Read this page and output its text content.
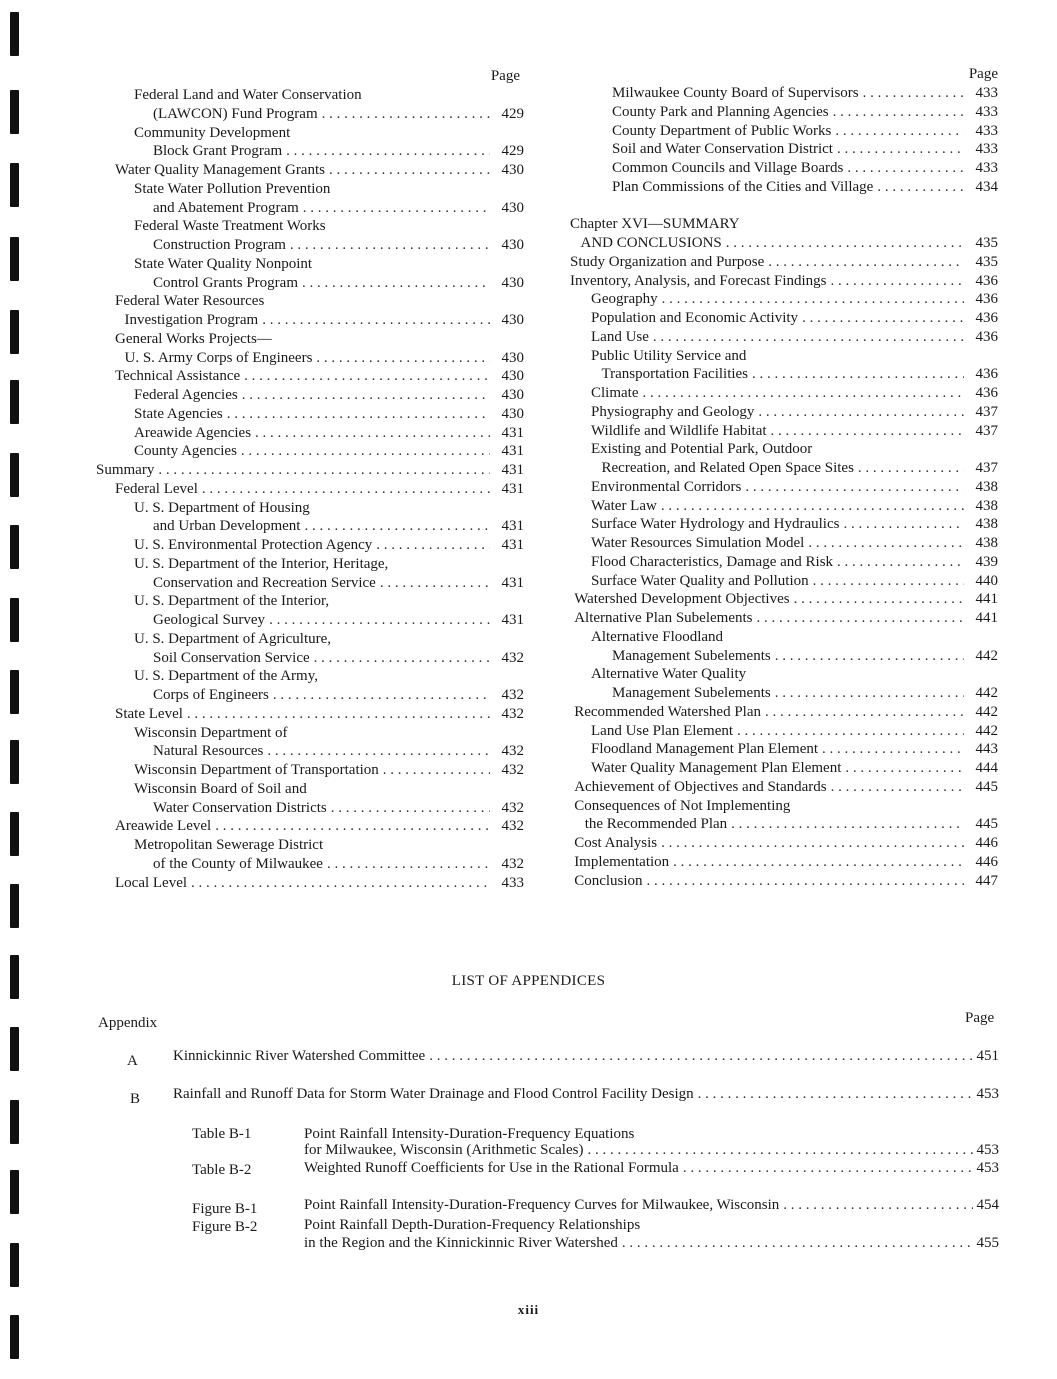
Page
Federal Land and Water Conservation
(LAWCON) Fund Program . . .	429
Community Development
Block Grant Program . . .	429
Water Quality Management Grants . . .	430
State Water Pollution Prevention
and Abatement Program . . .	430
Federal Waste Treatment Works
Construction Program . . .	430
State Water Quality Nonpoint
Control Grants Program . . .	430
Federal Water Resources
Investigation Program . . .	430
General Works Projects—
U. S. Army Corps of Engineers . . .	430
Technical Assistance . . .	430
Federal Agencies . . .	430
State Agencies . . .	430
Areawide Agencies . . .	431
County Agencies . . .	431
Summary . . .	431
Federal Level . . .	431
U. S. Department of Housing
and Urban Development . . .	431
U. S. Environmental Protection Agency . . .	431
U. S. Department of the Interior, Heritage,
Conservation and Recreation Service . . .	431
U. S. Department of the Interior,
Geological Survey . . .	431
U. S. Department of Agriculture,
Soil Conservation Service . . .	432
U. S. Department of the Army,
Corps of Engineers . . .	432
State Level . . .	432
Wisconsin Department of
Natural Resources . . .	432
Wisconsin Department of Transportation . . .	432
Wisconsin Board of Soil and
Water Conservation Districts . . .	432
Areawide Level . . .	432
Metropolitan Sewerage District
of the County of Milwaukee . . .	432
Local Level . . .	433
Page
Milwaukee County Board of Supervisors . . .	433
County Park and Planning Agencies . . .	433
County Department of Public Works . . .	433
Soil and Water Conservation District . . .	433
Common Councils and Village Boards . . .	433
Plan Commissions of the Cities and Village . . .	434
Chapter XVI—SUMMARY
AND CONCLUSIONS . . .	435
Study Organization and Purpose . . .	435
Inventory, Analysis, and Forecast Findings . . .	436
Geography . . .	436
Population and Economic Activity . . .	436
Land Use . . .	436
Public Utility Service and
Transportation Facilities . . .	436
Climate . . .	436
Physiography and Geology . . .	437
Wildlife and Wildlife Habitat . . .	437
Existing and Potential Park, Outdoor
Recreation, and Related Open Space Sites . . .	437
Environmental Corridors . . .	438
Water Law . . .	438
Surface Water Hydrology and Hydraulics . . .	438
Water Resources Simulation Model . . .	438
Flood Characteristics, Damage and Risk . . .	439
Surface Water Quality and Pollution . . .	440
Watershed Development Objectives . . .	441
Alternative Plan Subelements . . .	441
Alternative Floodland
Management Subelements . . .	442
Alternative Water Quality
Management Subelements . . .	442
Recommended Watershed Plan . . .	442
Land Use Plan Element . . .	442
Floodland Management Plan Element . . .	443
Water Quality Management Plan Element . . .	444
Achievement of Objectives and Standards . . .	445
Consequences of Not Implementing
the Recommended Plan . . .	445
Cost Analysis . . .	446
Implementation . . .	446
Conclusion . . .	447
LIST OF APPENDICES
Appendix	Page
A Kinnickinnic River Watershed Committee . . .	451
B Rainfall and Runoff Data for Storm Water Drainage and Flood Control Facility Design . . .	453
Table B-1	Point Rainfall Intensity-Duration-Frequency Equations
for Milwaukee, Wisconsin (Arithmetic Scales) . . .	453
Table B-2	Weighted Runoff Coefficients for Use in the Rational Formula . . .	453
Figure B-1	Point Rainfall Intensity-Duration-Frequency Curves for Milwaukee, Wisconsin . . .	454
Figure B-2	Point Rainfall Depth-Duration-Frequency Relationships
in the Region and the Kinnickinnic River Watershed . . .	455
xiii
